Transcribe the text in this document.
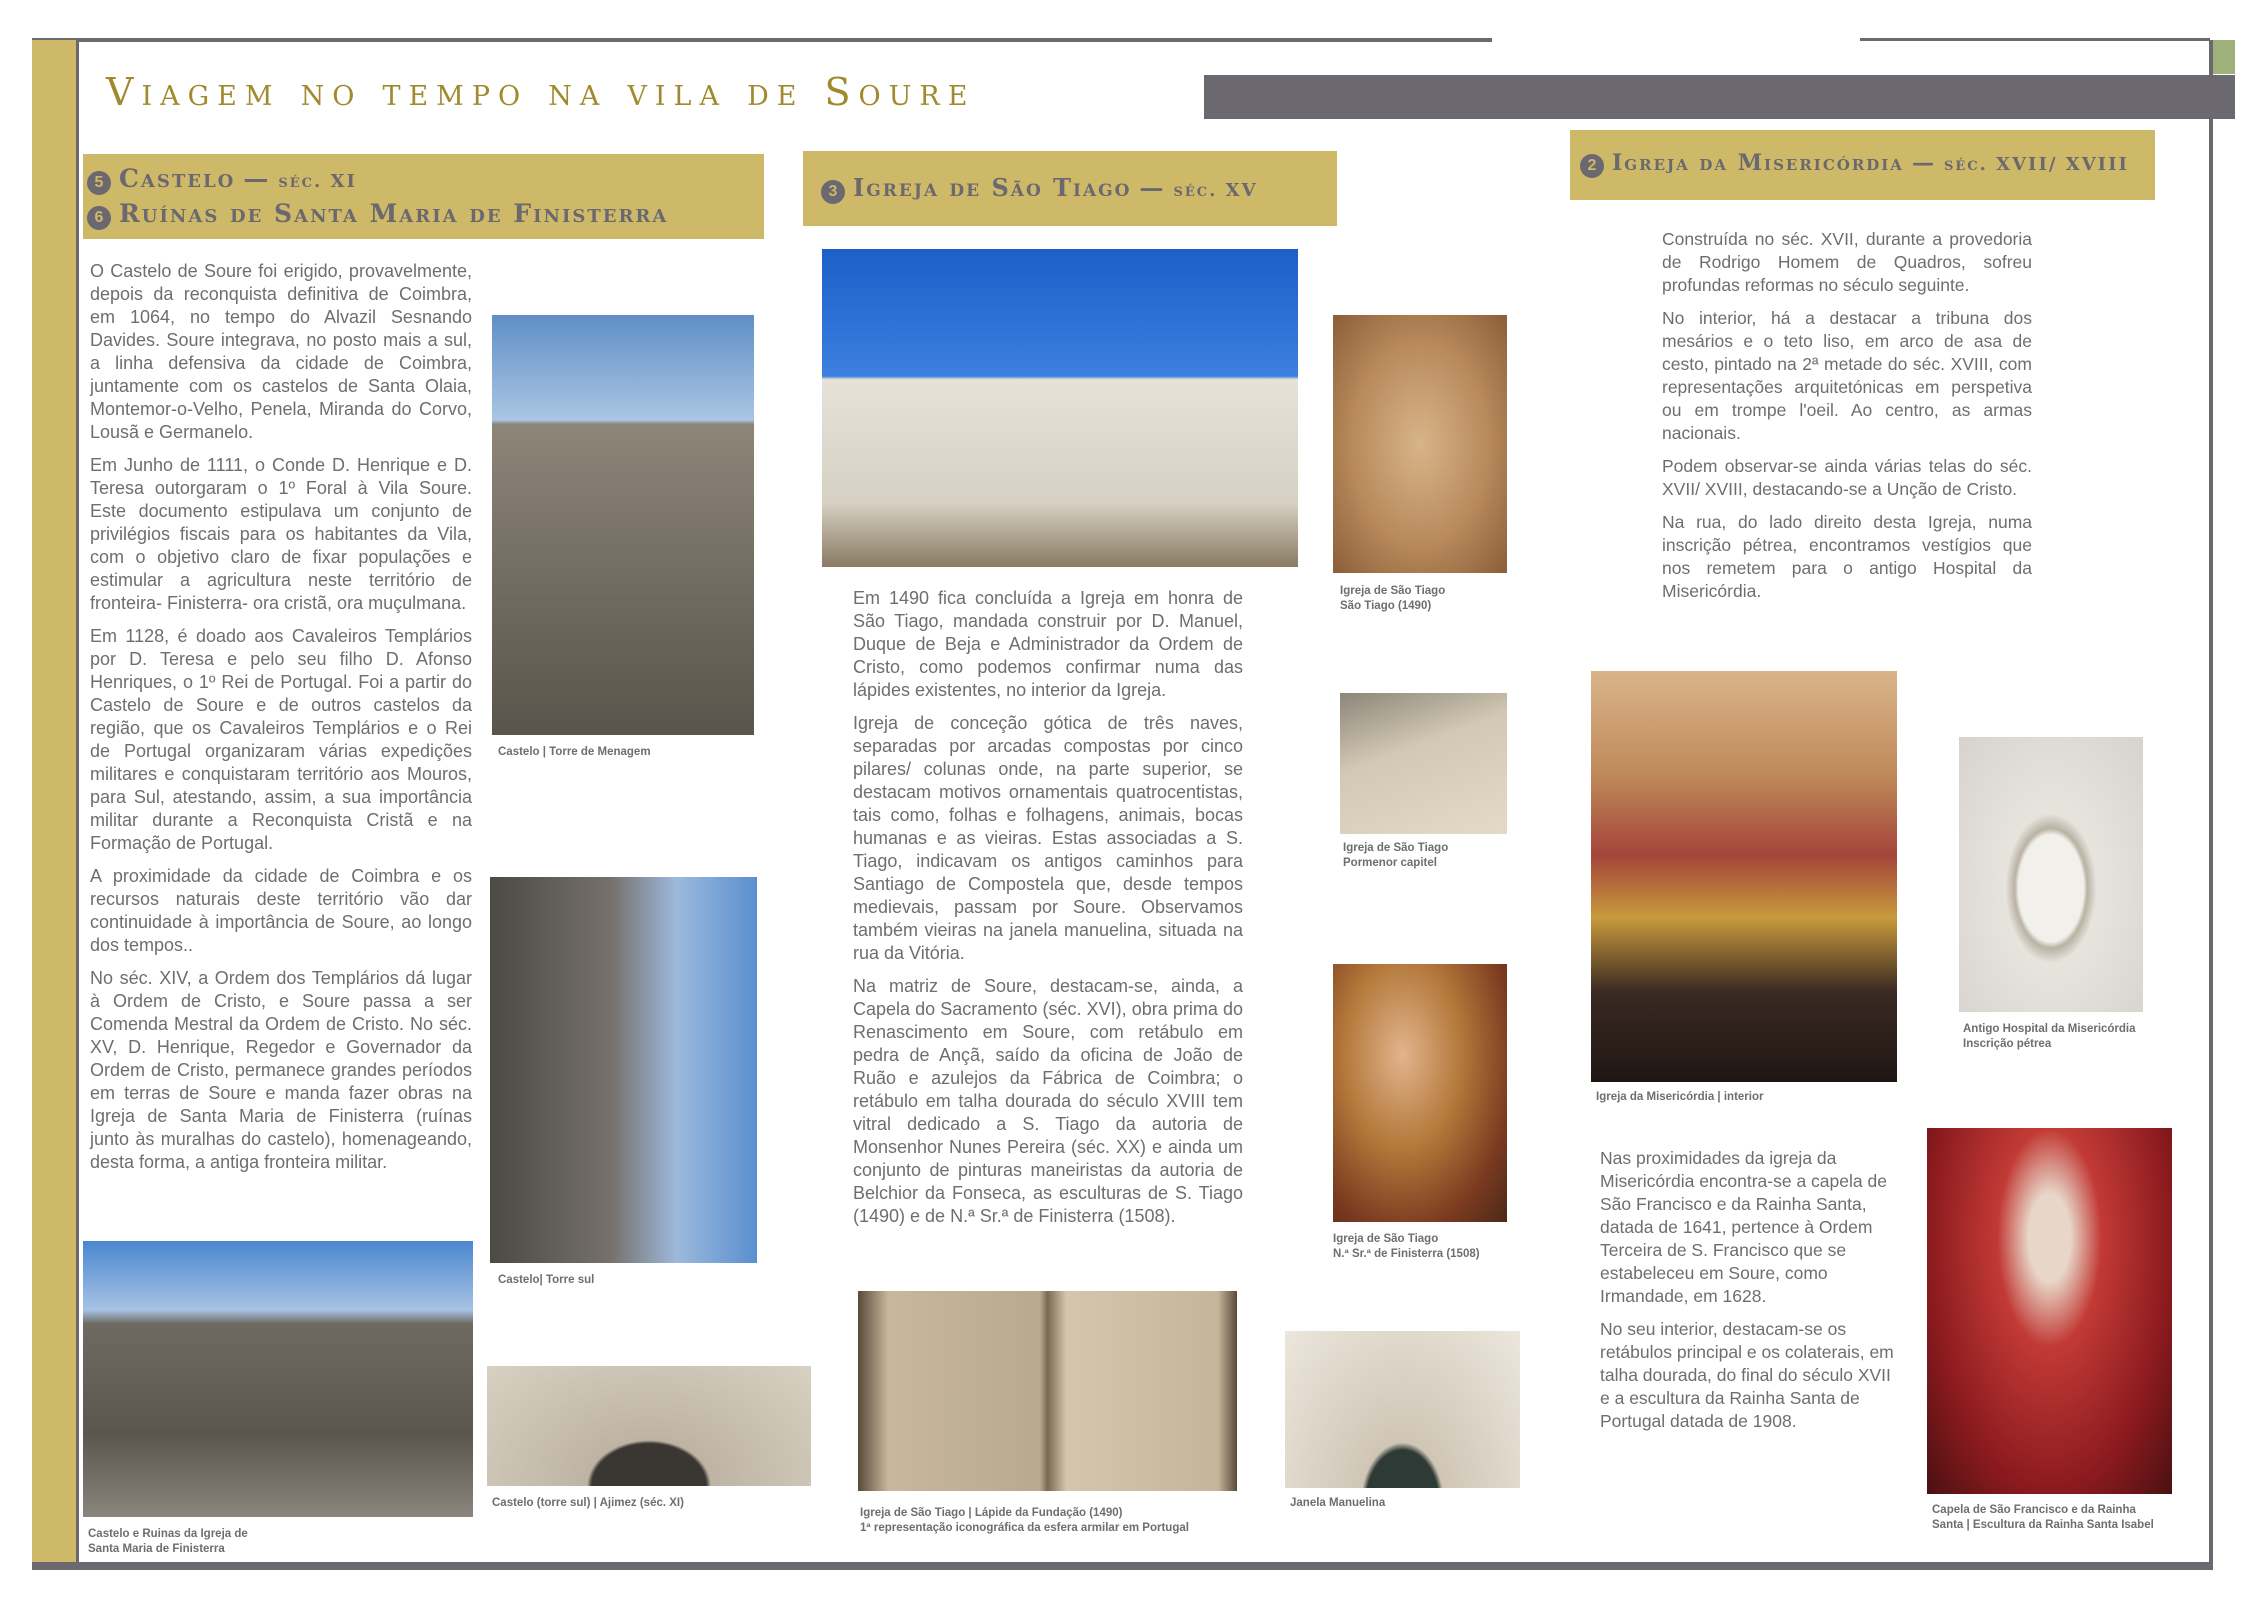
Viagem no tempo na vila de Soure
5 Castelo — séc. XI
6 Ruínas de Santa Maria de Finisterra
3 Igreja de São Tiago — séc. XV
2 Igreja da Misericórdia — séc. XVII/ XVIII

O Castelo de Soure foi erigido, provavelmente, depois da reconquista definitiva de Coimbra, em 1064, no tempo do Alvazil Sesnando Davides. Soure integrava, no posto mais a sul, a linha defensiva da cidade de Coimbra, juntamente com os castelos de Santa Olaia, Montemor-o-Velho, Penela, Miranda do Corvo, Lousã e Germanelo.

Em Junho de 1111, o Conde D. Henrique e D. Teresa outorgaram o 1º Foral à Vila Soure. Este documento estipulava um conjunto de privilégios fiscais para os habitantes da Vila, com o objetivo claro de fixar populações e estimular a agricultura neste território de fronteira- Finisterra- ora cristã, ora muçulmana.

Em 1128, é doado aos Cavaleiros Templários por D. Teresa e pelo seu filho D. Afonso Henriques, o 1º Rei de Portugal. Foi a partir do Castelo de Soure e de outros castelos da região, que os Cavaleiros Templários e o Rei de Portugal organizaram várias expedições militares e conquistaram território aos Mouros, para Sul, atestando, assim, a sua importância militar durante a Reconquista Cristã e na Formação de Portugal.

A proximidade da cidade de Coimbra e os recursos naturais deste território vão dar continuidade à importância de Soure, ao longo dos tempos..

No séc. XIV, a Ordem dos Templários dá lugar à Ordem de Cristo, e Soure passa a ser Comenda Mestral da Ordem de Cristo. No séc. XV, D. Henrique, Regedor e Governador da Ordem de Cristo, permanece grandes períodos em terras de Soure e manda fazer obras na Igreja de Santa Maria de Finisterra (ruínas junto às muralhas do castelo), homenageando, desta forma, a antiga fronteira militar.

Castelo | Torre de Menagem
Castelo| Torre sul
Castelo e Ruinas da Igreja de
Santa Maria de Finisterra
Castelo (torre sul) | Ajimez (séc. XI)

Em 1490 fica concluída a Igreja em honra de São Tiago, mandada construir por D. Manuel, Duque de Beja e Administrador da Ordem de Cristo, como podemos confirmar numa das lápides existentes, no interior da Igreja.

Igreja de conceção gótica de três naves, separadas por arcadas compostas por cinco pilares/ colunas onde, na parte superior, se destacam motivos ornamentais quatrocentistas, tais como, folhas e folhagens, animais, bocas humanas e as vieiras. Estas associadas a S. Tiago, indicavam os antigos caminhos para Santiago de Compostela que, desde tempos medievais, passam por Soure. Observamos também vieiras na janela manuelina, situada na rua da Vitória.

Na matriz de Soure, destacam-se, ainda, a Capela do Sacramento (séc. XVI), obra prima do Renascimento em Soure, com retábulo em pedra de Ançã, saído da oficina de João de Ruão e azulejos da Fábrica de Coimbra; o retábulo em talha dourada do século XVIII tem vitral dedicado a S. Tiago da autoria de Monsenhor Nunes Pereira (séc. XX) e ainda um conjunto de pinturas maneiristas da autoria de Belchior da Fonseca, as esculturas de S. Tiago (1490) e de N.ª Sr.ª de Finisterra (1508).

Igreja de São Tiago
São Tiago (1490)
Igreja de São Tiago
Pormenor capitel
Igreja de São Tiago
N.ª Sr.ª de Finisterra (1508)
Igreja de São Tiago | Lápide da Fundação (1490)
1ª representação iconográfica da esfera armilar em Portugal
Janela Manuelina

Construída no séc. XVII, durante a provedoria de Rodrigo Homem de Quadros, sofreu profundas reformas no século seguinte.

No interior, há a destacar a tribuna dos mesários e o teto liso, em arco de asa de cesto, pintado na 2ª metade do séc. XVIII, com representações arquitetónicas em perspetiva ou em trompe l'oeil. Ao centro, as armas nacionais.

Podem observar-se ainda várias telas do séc. XVII/ XVIII, destacando-se a Unção de Cristo.

Na rua, do lado direito desta Igreja, numa inscrição pétrea, encontramos vestígios que nos remetem para o antigo Hospital da Misericórdia.

Igreja da Misericórdia | interior
Antigo Hospital da Misericórdia
Inscrição pétrea

Nas proximidades da igreja da Misericórdia encontra-se a capela de São Francisco e da Rainha Santa, datada de 1641, pertence à Ordem Terceira de S. Francisco que se estabeleceu em Soure, como Irmandade, em 1628.

No seu interior, destacam-se os retábulos principal e os colaterais, em talha dourada, do final do século XVII e a escultura da Rainha Santa de Portugal datada de 1908.

Capela de São Francisco e da Rainha
Santa | Escultura da Rainha Santa Isabel
